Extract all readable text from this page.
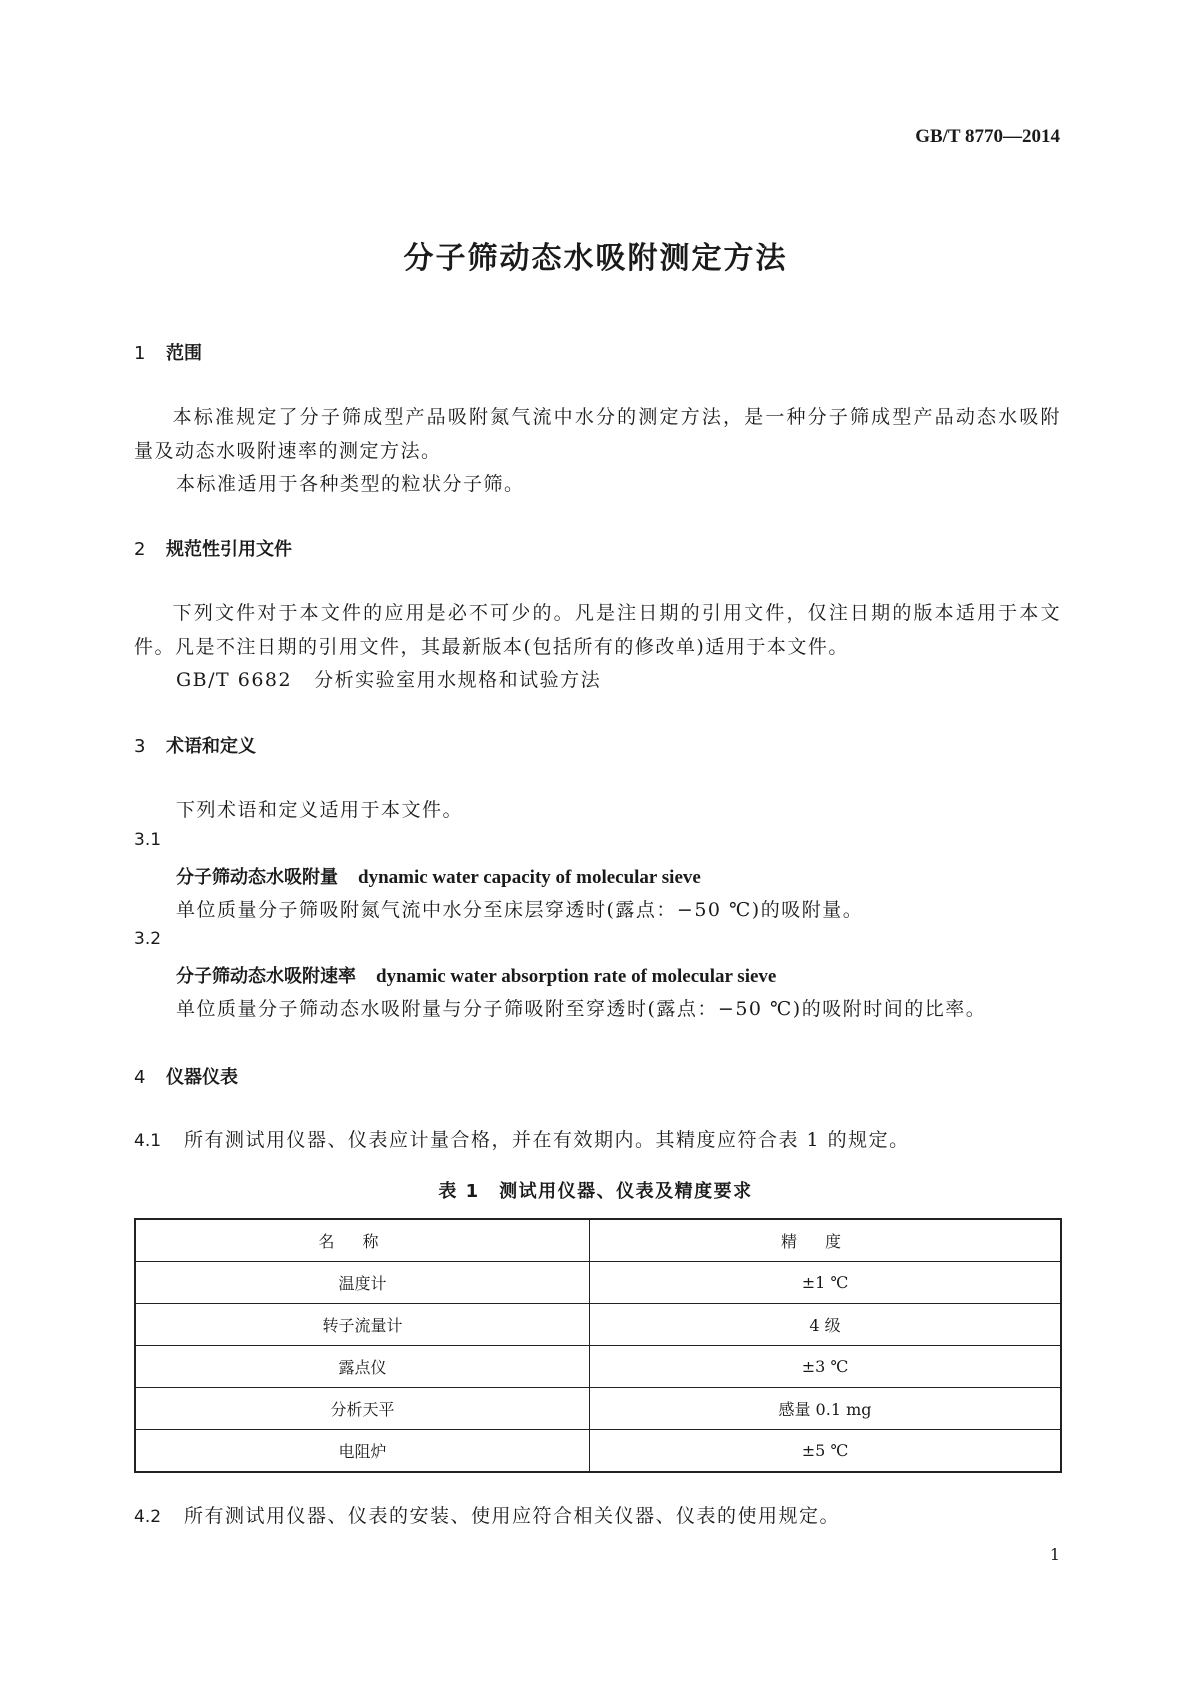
GB/T 8770—2014
分子筛动态水吸附测定方法
1 范围
本标准规定了分子筛成型产品吸附氮气流中水分的测定方法，是一种分子筛成型产品动态水吸附
量及动态水吸附速率的测定方法。
本标准适用于各种类型的粒状分子筛。
2 规范性引用文件
下列文件对于本文件的应用是必不可少的。凡是注日期的引用文件，仅注日期的版本适用于本文
件。凡是不注日期的引用文件，其最新版本(包括所有的修改单)适用于本文件。
GB/T 6682 分析实验室用水规格和试验方法
3 术语和定义
下列术语和定义适用于本文件。
3.1
分子筛动态水吸附量 dynamic water capacity of molecular sieve
单位质量分子筛吸附氮气流中水分至床层穿透时(露点：−50 ℃)的吸附量。
3.2
分子筛动态水吸附速率 dynamic water absorption rate of molecular sieve
单位质量分子筛动态水吸附量与分子筛吸附至穿透时(露点：−50 ℃)的吸附时间的比率。
4 仪器仪表
4.1 所有测试用仪器、仪表应计量合格，并在有效期内。其精度应符合表 1 的规定。
表 1　测试用仪器、仪表及精度要求
名称	精度
温度计	±1 ℃
转子流量计	4 级
露点仪	±3 ℃
分析天平	感量 0.1 mg
电阻炉	±5 ℃
4.2 所有测试用仪器、仪表的安装、使用应符合相关仪器、仪表的使用规定。
1
